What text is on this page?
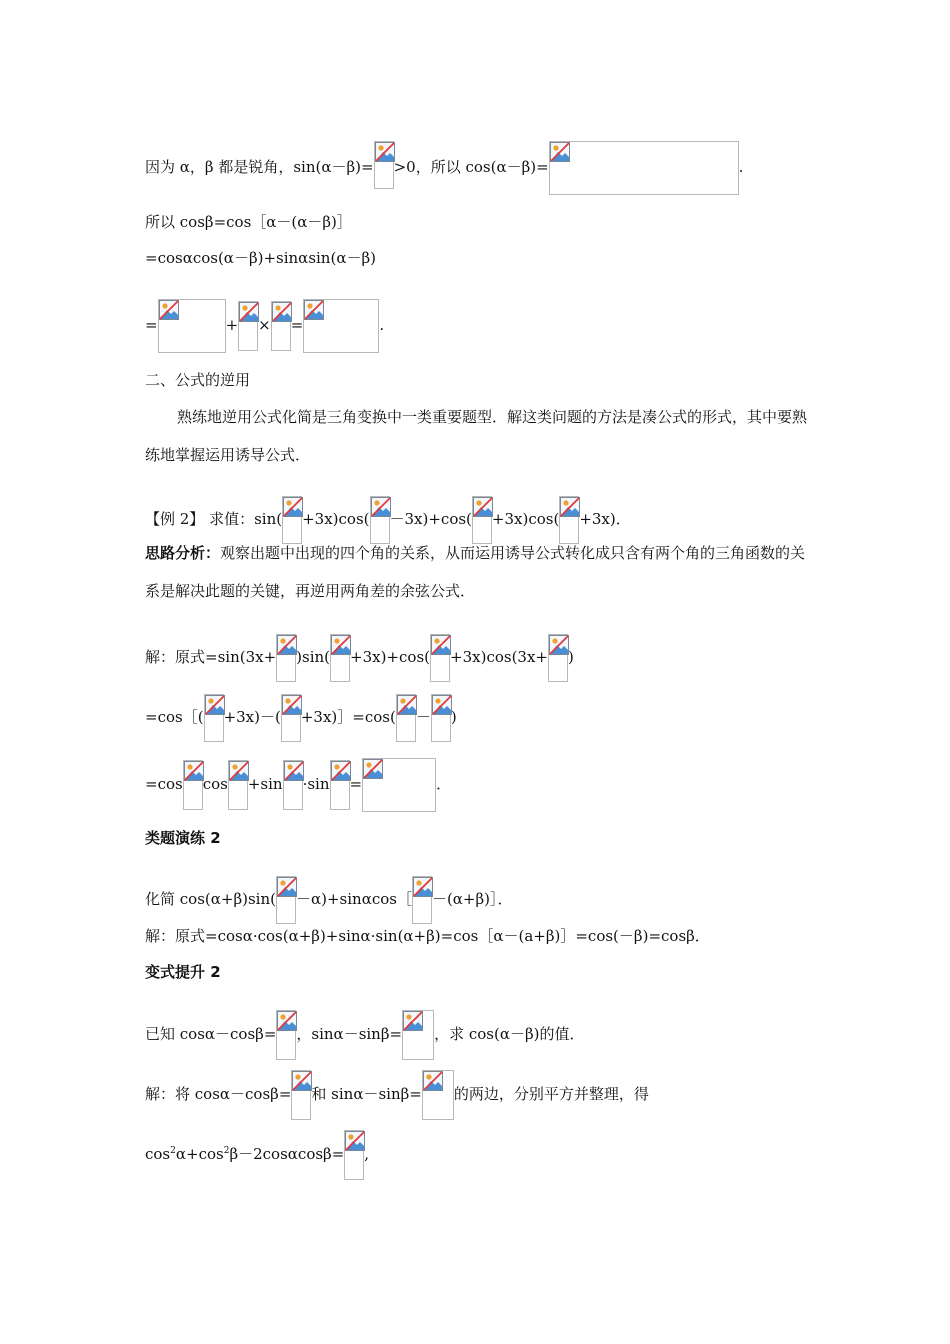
因为 α，β 都是锐角，sin(α－β)= >0，所以 cos(α－β)=	.
所以 cosβ=cos［α－(α－β)］
=cosαcos(α－β)+sinαsin(α－β)
=	+ × =	.
二、公式的逆用
熟练地逆用公式化简是三角变换中一类重要题型．解这类问题的方法是凑公式的形式，其中要熟练地掌握运用诱导公式．
【例 2】 求值：sin( +3x)cos( －3x)+cos( +3x)cos( +3x)．
思路分析：观察出题中出现的四个角的关系，从而运用诱导公式转化成只含有两个角的三角函数的关系是解决此题的关键，再逆用两角差的余弦公式．
解：原式=sin(3x+ )sin( +3x)+cos( +3x)cos(3x+ )
=cos［( +3x)－( +3x)］=cos( － )
=cos cos +sin ·sin =	．
类题演练 2
化简 cos(α+β)sin( －α)+sinαcos［ －(α+β)］．
解：原式=cosα·cos(α+β)+sinα·sin(α+β)=cos［α－(a+β)］=cos(－β)=cosβ．
变式提升 2
已知 cosα－cosβ= ，sinα－sinβ= ，求 cos(α－β)的值．
解：将 cosα－cosβ= 和 sinα－sinβ= 的两边，分别平方并整理，得
$\cos^2\alpha+\cos^2\beta-2\cos\alpha\cos\beta=$ ,
